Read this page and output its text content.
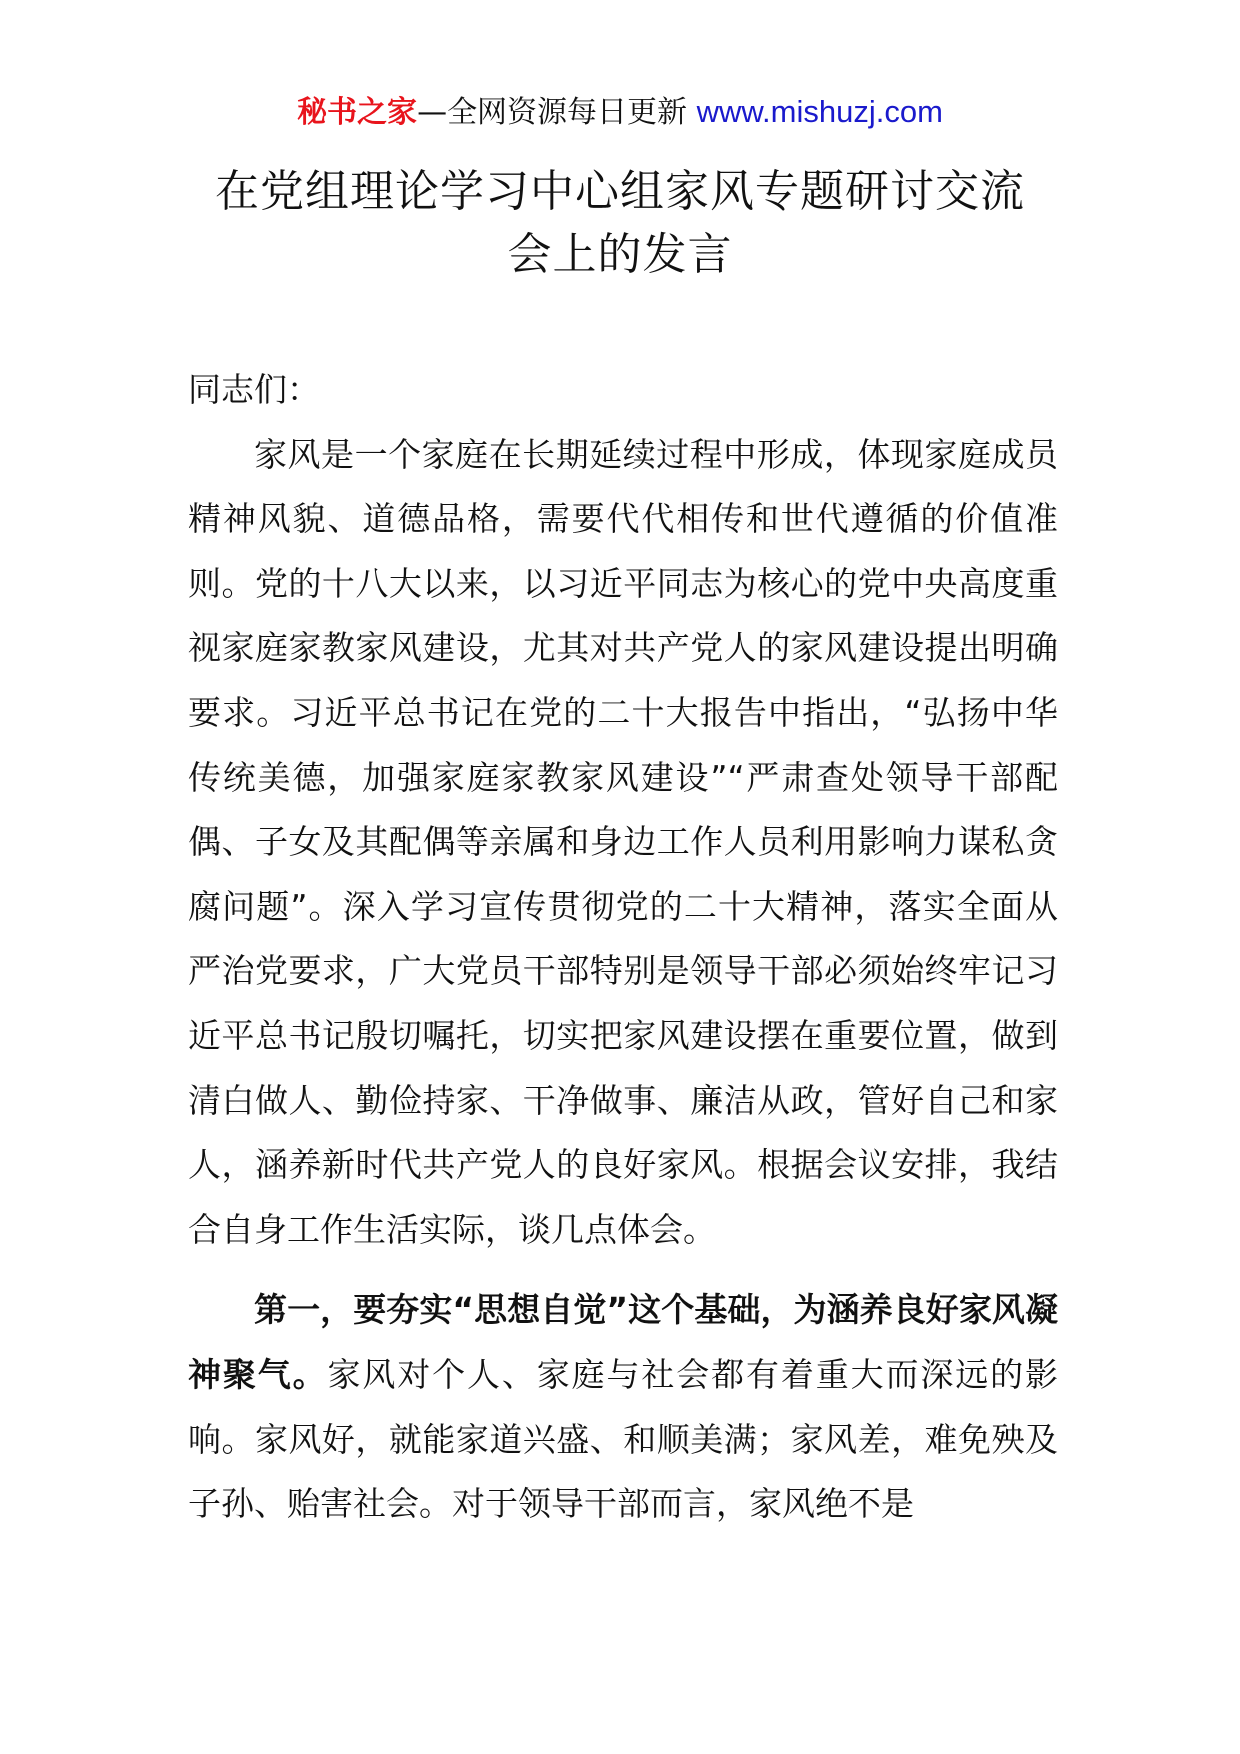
秘书之家—全网资源每日更新 www.mishuzj.com
在党组理论学习中心组家风专题研讨交流
会上的发言

同志们：

家风是一个家庭在长期延续过程中形成，体现家庭成员精神风貌、道德品格，需要代代相传和世代遵循的价值准则。党的十八大以来，以习近平同志为核心的党中央高度重视家庭家教家风建设，尤其对共产党人的家风建设提出明确要求。习近平总书记在党的二十大报告中指出，“弘扬中华传统美德，加强家庭家教家风建设”“严肃查处领导干部配偶、子女及其配偶等亲属和身边工作人员利用影响力谋私贪腐问题”。深入学习宣传贯彻党的二十大精神，落实全面从严治党要求，广大党员干部特别是领导干部必须始终牢记习近平总书记殷切嘱托，切实把家风建设摆在重要位置，做到清白做人、勤俭持家、干净做事、廉洁从政，管好自己和家人，涵养新时代共产党人的良好家风。根据会议安排，我结合自身工作生活实际，谈几点体会。

第一，要夯实“思想自觉”这个基础，为涵养良好家风凝神聚气。家风对个人、家庭与社会都有着重大而深远的影响。家风好，就能家道兴盛、和顺美满；家风差，难免殃及子孙、贻害社会。对于领导干部而言，家风绝不是
